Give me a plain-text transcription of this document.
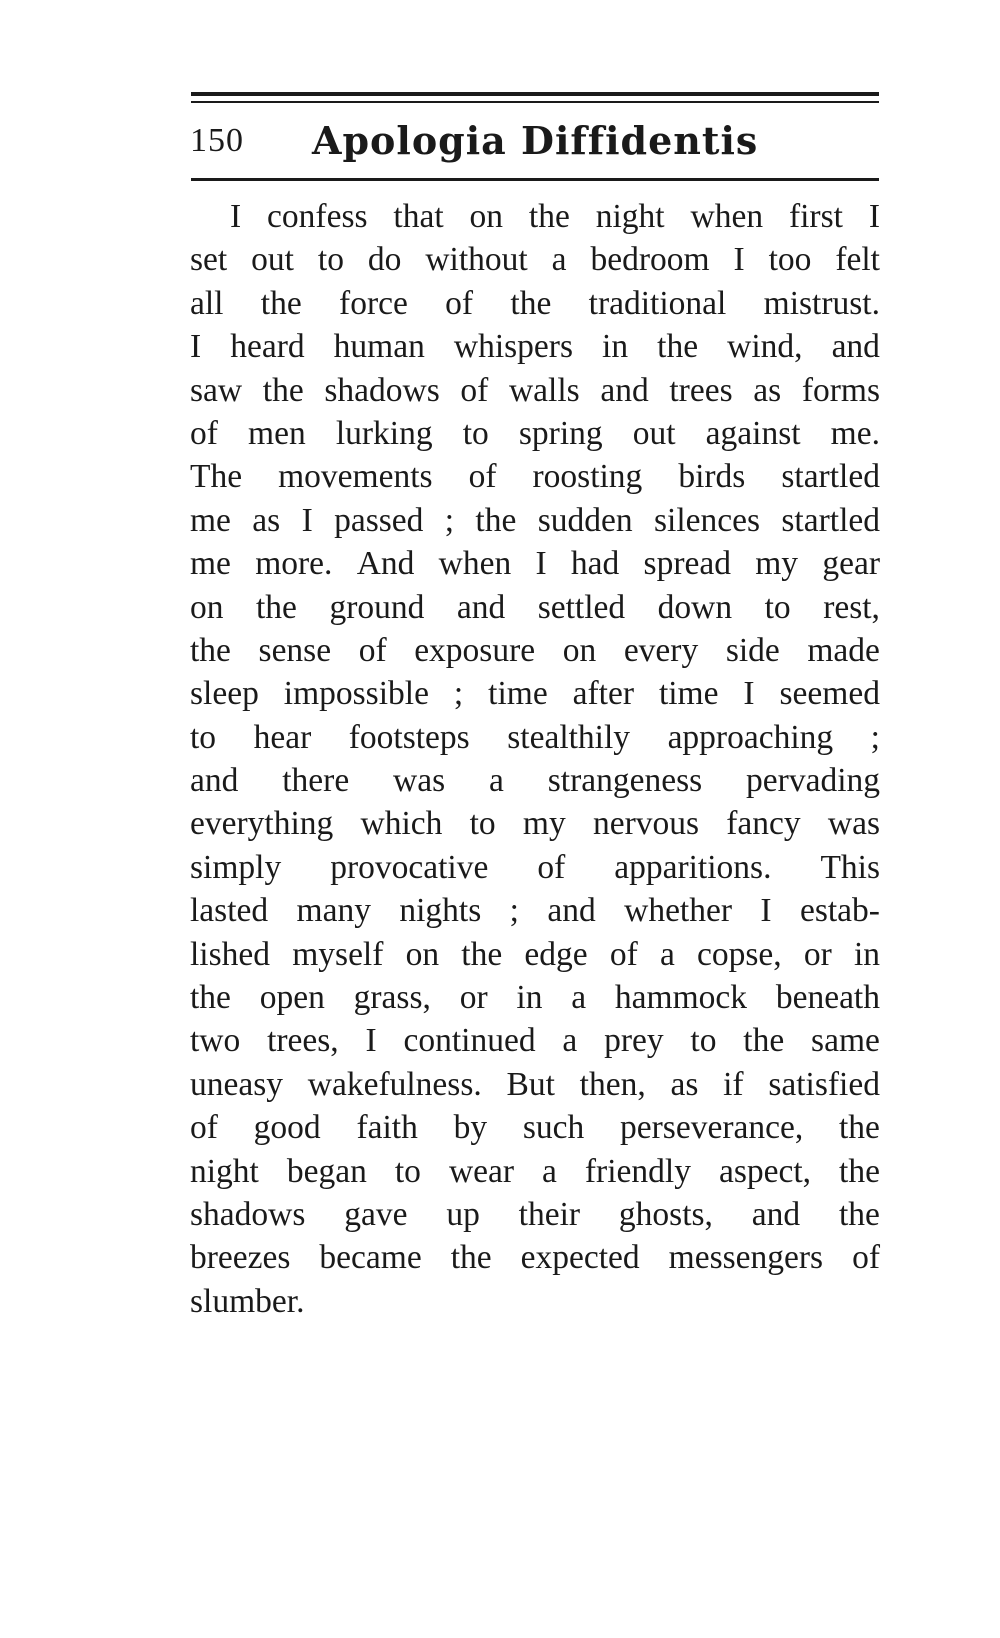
150 Apologia Diffidentis
I confess that on the night when first I
set out to do without a bedroom I too felt
all the force of the traditional mistrust.
I heard human whispers in the wind, and
saw the shadows of walls and trees as forms
of men lurking to spring out against me.
The movements of roosting birds startled
me as I passed ; the sudden silences startled
me more. And when I had spread my gear
on the ground and settled down to rest,
the sense of exposure on every side made
sleep impossible ; time after time I seemed
to hear footsteps stealthily approaching ;
and there was a strangeness pervading
everything which to my nervous fancy was
simply provocative of apparitions. This
lasted many nights ; and whether I estab-
lished myself on the edge of a copse, or in
the open grass, or in a hammock beneath
two trees, I continued a prey to the same
uneasy wakefulness. But then, as if satisfied
of good faith by such perseverance, the
night began to wear a friendly aspect, the
shadows gave up their ghosts, and the
breezes became the expected messengers of
slumber.
